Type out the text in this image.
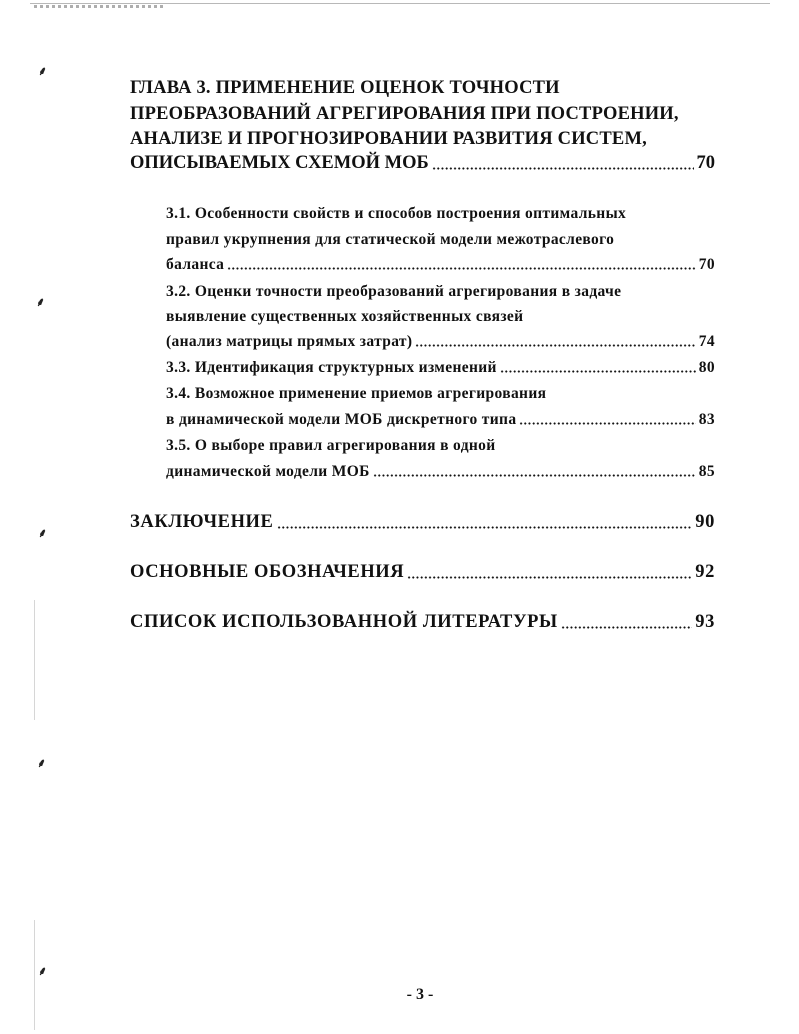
⸙
⸙
⸙
⸙
⸙
ГЛАВА 3. ПРИМЕНЕНИЕ ОЦЕНОК ТОЧНОСТИ
ПРЕОБРАЗОВАНИЙ АГРЕГИРОВАНИЯ ПРИ ПОСТРОЕНИИ,
АНАЛИЗЕ И ПРОГНОЗИРОВАНИИ РАЗВИТИЯ СИСТЕМ,
ОПИСЫВАЕМЫХ СХЕМОЙ МОБ	70
3.1. Особенности свойств и способов построения оптимальных
правил укрупнения для статической модели межотраслевого
баланса	70
3.2. Оценки точности преобразований агрегирования в задаче
выявление существенных хозяйственных связей
(анализ матрицы прямых затрат)	74
3.3. Идентификация структурных изменений	80
3.4. Возможное применение приемов агрегирования
в динамической модели МОБ дискретного типа	83
3.5. О выборе правил агрегирования в одной
динамической модели МОБ	85
ЗАКЛЮЧЕНИЕ	90
ОСНОВНЫЕ ОБОЗНАЧЕНИЯ	92
СПИСОК ИСПОЛЬЗОВАННОЙ ЛИТЕРАТУРЫ	93
- 3 -
